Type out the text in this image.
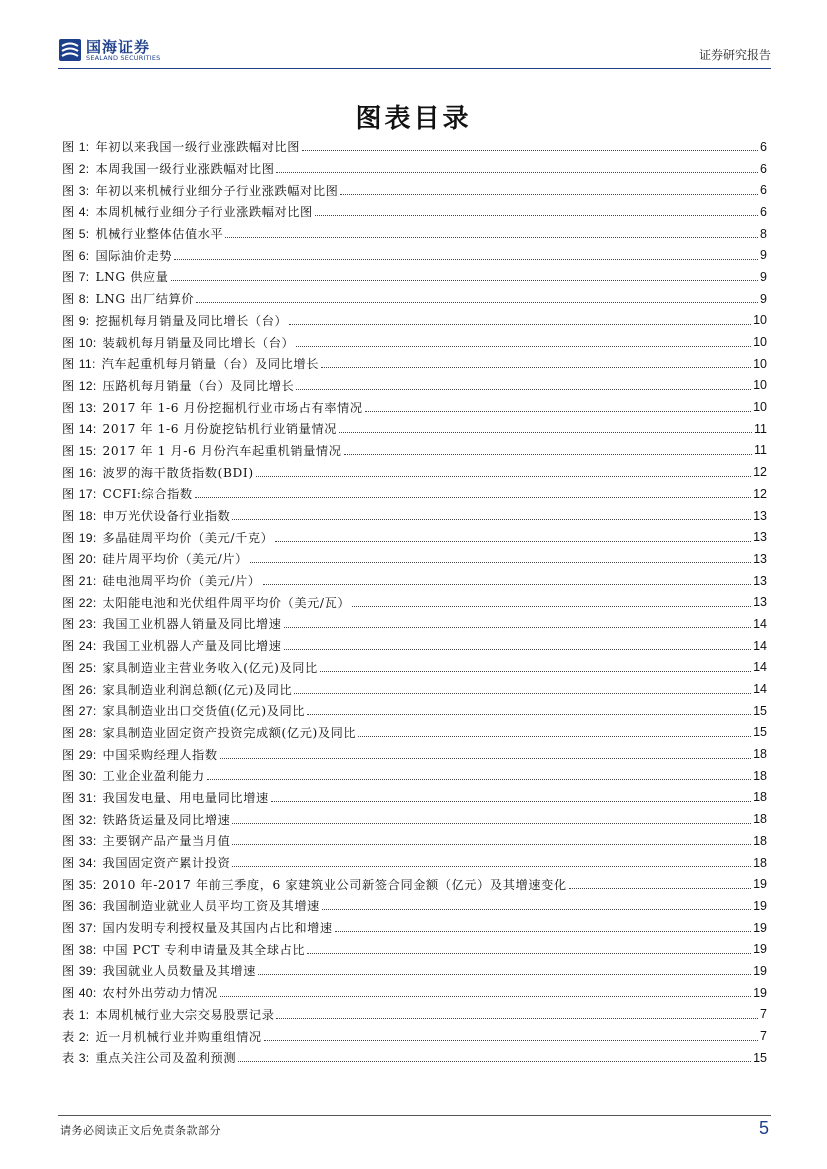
国海证券
SEALAND SECURITIES	证券研究报告
图表目录
图 1: 年初以来我国一级行业涨跌幅对比图	6
图 2: 本周我国一级行业涨跌幅对比图	6
图 3: 年初以来机械行业细分子行业涨跌幅对比图	6
图 4: 本周机械行业细分子行业涨跌幅对比图	6
图 5: 机械行业整体估值水平	8
图 6: 国际油价走势	9
图 7: LNG 供应量	9
图 8: LNG 出厂结算价	9
图 9: 挖掘机每月销量及同比增长（台）	10
图 10: 装载机每月销量及同比增长（台）	10
图 11: 汽车起重机每月销量（台）及同比增长	10
图 12: 压路机每月销量（台）及同比增长	10
图 13: 2017 年 1-6 月份挖掘机行业市场占有率情况	10
图 14: 2017 年 1-6 月份旋挖钻机行业销量情况	11
图 15: 2017 年 1 月-6 月份汽车起重机销量情况	11
图 16: 波罗的海干散货指数(BDI)	12
图 17: CCFI:综合指数	12
图 18: 申万光伏设备行业指数	13
图 19: 多晶硅周平均价（美元/千克）	13
图 20: 硅片周平均价（美元/片）	13
图 21: 硅电池周平均价（美元/片）	13
图 22: 太阳能电池和光伏组件周平均价（美元/瓦）	13
图 23: 我国工业机器人销量及同比增速	14
图 24: 我国工业机器人产量及同比增速	14
图 25: 家具制造业主营业务收入(亿元)及同比	14
图 26: 家具制造业利润总额(亿元)及同比	14
图 27: 家具制造业出口交货值(亿元)及同比	15
图 28: 家具制造业固定资产投资完成额(亿元)及同比	15
图 29: 中国采购经理人指数	18
图 30: 工业企业盈利能力	18
图 31: 我国发电量、用电量同比增速	18
图 32: 铁路货运量及同比增速	18
图 33: 主要钢产品产量当月值	18
图 34: 我国固定资产累计投资	18
图 35: 2010 年-2017 年前三季度，6 家建筑业公司新签合同金额（亿元）及其增速变化	19
图 36: 我国制造业就业人员平均工资及其增速	19
图 37: 国内发明专利授权量及其国内占比和增速	19
图 38: 中国 PCT 专利申请量及其全球占比	19
图 39: 我国就业人员数量及其增速	19
图 40: 农村外出劳动力情况	19
表 1: 本周机械行业大宗交易股票记录	7
表 2: 近一月机械行业并购重组情况	7
表 3: 重点关注公司及盈利预测	15
请务必阅读正文后免责条款部分	5
